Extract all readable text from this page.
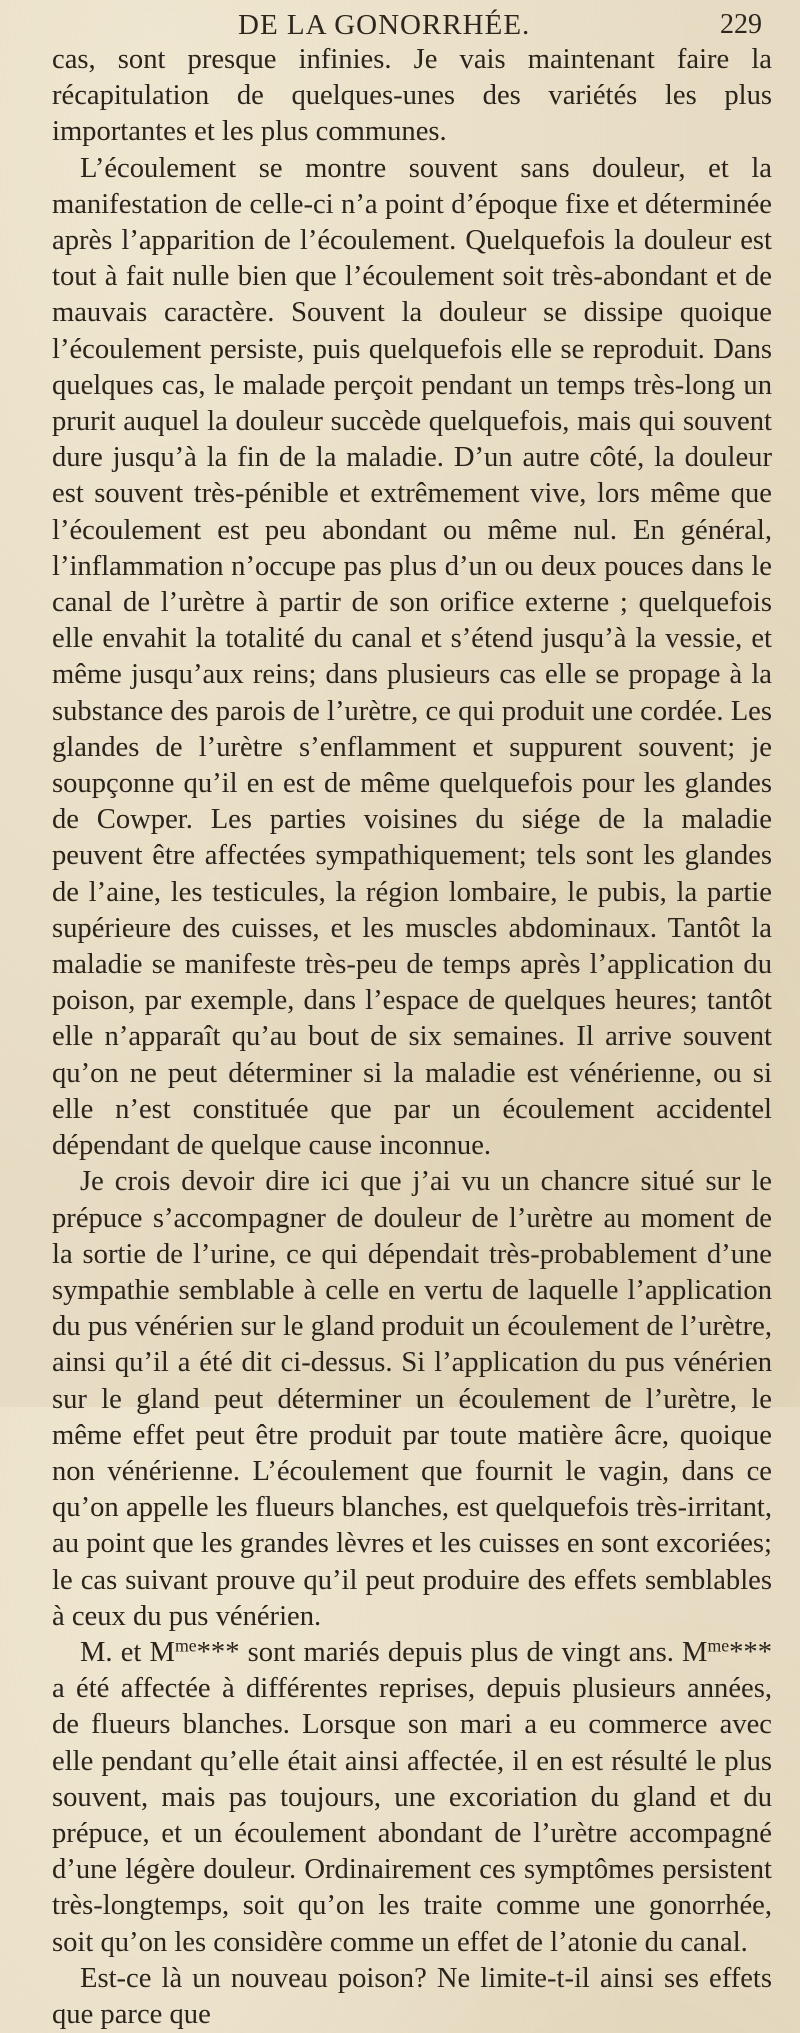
DE LA GONORRHÉE.	229

cas, sont presque infinies. Je vais maintenant faire la récapitulation de quelques-unes des variétés les plus importantes et les plus communes.

L’écoulement se montre souvent sans douleur, et la manifestation de celle-ci n’a point d’époque fixe et déterminée après l’apparition de l’écoulement. Quelquefois la douleur est tout à fait nulle bien que l’écoulement soit très-abondant et de mauvais caractère. Souvent la douleur se dissipe quoique l’écoulement persiste, puis quelquefois elle se reproduit. Dans quelques cas, le malade perçoit pendant un temps très-long un prurit auquel la douleur succède quelquefois, mais qui souvent dure jusqu’à la fin de la maladie. D’un autre côté, la douleur est souvent très-pénible et extrêmement vive, lors même que l’écoulement est peu abondant ou même nul. En général, l’inflammation n’occupe pas plus d’un ou deux pouces dans le canal de l’urètre à partir de son orifice externe ; quelquefois elle envahit la totalité du canal et s’étend jusqu’à la vessie, et même jusqu’aux reins; dans plusieurs cas elle se propage à la substance des parois de l’urètre, ce qui produit une cordée. Les glandes de l’urètre s’enflamment et suppurent souvent; je soupçonne qu’il en est de même quelquefois pour les glandes de Cowper. Les parties voisines du siége de la maladie peuvent être affectées sympathiquement; tels sont les glandes de l’aine, les testicules, la région lombaire, le pubis, la partie supérieure des cuisses, et les muscles abdominaux. Tantôt la maladie se manifeste très-peu de temps après l’application du poison, par exemple, dans l’espace de quelques heures; tantôt elle n’apparaît qu’au bout de six semaines. Il arrive souvent qu’on ne peut déterminer si la maladie est vénérienne, ou si elle n’est constituée que par un écoulement accidentel dépendant de quelque cause inconnue.

Je crois devoir dire ici que j’ai vu un chancre situé sur le prépuce s’accompagner de douleur de l’urètre au moment de la sortie de l’urine, ce qui dépendait très-probablement d’une sympathie semblable à celle en vertu de laquelle l’application du pus vénérien sur le gland produit un écoulement de l’urètre, ainsi qu’il a été dit ci-dessus. Si l’application du pus vénérien sur le gland peut déterminer un écoulement de l’urètre, le même effet peut être produit par toute matière âcre, quoique non vénérienne. L’écoulement que fournit le vagin, dans ce qu’on appelle les flueurs blanches, est quelquefois très-irritant, au point que les grandes lèvres et les cuisses en sont excoriées; le cas suivant prouve qu’il peut produire des effets semblables à ceux du pus vénérien.

M. et $M^{me}***$ sont mariés depuis plus de vingt ans. $M^{me}***$ a été affectée à différentes reprises, depuis plusieurs années, de flueurs blanches. Lorsque son mari a eu commerce avec elle pendant qu’elle était ainsi affectée, il en est résulté le plus souvent, mais pas toujours, une excoriation du gland et du prépuce, et un écoulement abondant de l’urètre accompagné d’une légère douleur. Ordinairement ces symptômes persistent très-longtemps, soit qu’on les traite comme une gonorrhée, soit qu’on les considère comme un effet de l’atonie du canal.

Est-ce là un nouveau poison? Ne limite-t-il ainsi ses effets que parce que
